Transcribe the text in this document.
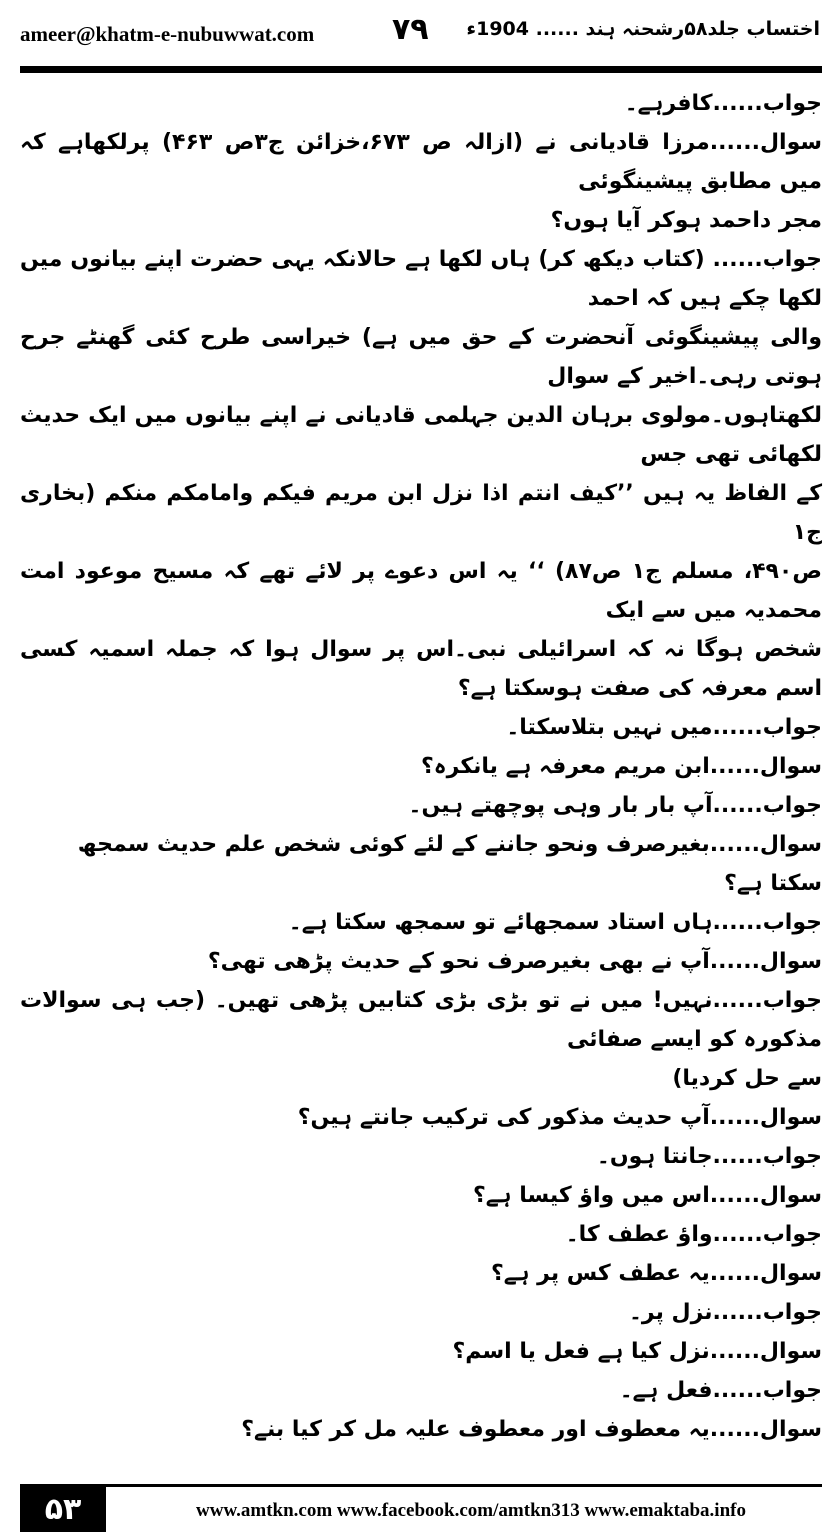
ameer@khatm-e-nubuwwat.com	۷۹ اختساب جلد۵۸رشحنہ ہند ...... 1904ء

جواب......کافرہے۔

سوال......مرزا قادیانی نے (ازالہ ص ۶۷۳،خزائن ج۳ص ۴۶۳) پرلکھاہے کہ میں مطابق پیشینگوئی

مجر داحمد ہوکر آیا ہوں؟

جواب...... (کتاب دیکھ کر) ہاں لکھا ہے حالانکہ یہی حضرت اپنے بیانوں میں لکھا چکے ہیں کہ احمد

والی پیشینگوئی آنحضرت کے حق میں ہے) خیراسی طرح کئی گھنٹے جرح ہوتی رہی۔اخیر کے سوال

لکھتاہوں۔مولوی برہان الدین جہلمی قادیانی نے اپنے بیانوں میں ایک حدیث لکھائی تھی جس

کے الفاظ یہ ہیں ’’کیف انتم اذا نزل ابن مریم فیکم وامامکم منکم (بخاری ج۱

ص۴۹۰، مسلم ج۱ ص۸۷) ‘‘ یہ اس دعوے پر لائے تھے کہ مسیح موعود امت محمدیہ میں سے ایک

شخص ہوگا نہ کہ اسرائیلی نبی۔اس پر سوال ہوا کہ جملہ اسمیہ کسی اسم معرفہ کی صفت ہوسکتا ہے؟

جواب......میں نہیں بتلاسکتا۔

سوال......ابن مریم معرفہ ہے یانکرہ؟

جواب......آپ بار بار وہی پوچھتے ہیں۔

سوال......بغیرصرف ونحو جاننے کے لئے کوئی شخص علم حدیث سمجھ سکتا ہے؟

جواب......ہاں استاد سمجھائے تو سمجھ سکتا ہے۔

سوال......آپ نے بھی بغیرصرف نحو کے حدیث پڑھی تھی؟

جواب......نہیں! میں نے تو بڑی بڑی کتابیں پڑھی تھیں۔ (جب ہی سوالات مذکورہ کو ایسے صفائی

سے حل کردیا)

سوال......آپ حدیث مذکور کی ترکیب جانتے ہیں؟

جواب......جانتا ہوں۔

سوال......اس میں واؤ کیسا ہے؟

جواب......واؤ عطف کا۔

سوال......یہ عطف کس پر ہے؟

جواب......نزل پر۔

سوال......نزل کیا ہے فعل یا اسم؟

جواب......فعل ہے۔

سوال......یہ معطوف اور معطوف علیہ مل کر کیا بنے؟

۵۳	www.amtkn.com www.facebook.com/amtkn313 www.emaktaba.info
